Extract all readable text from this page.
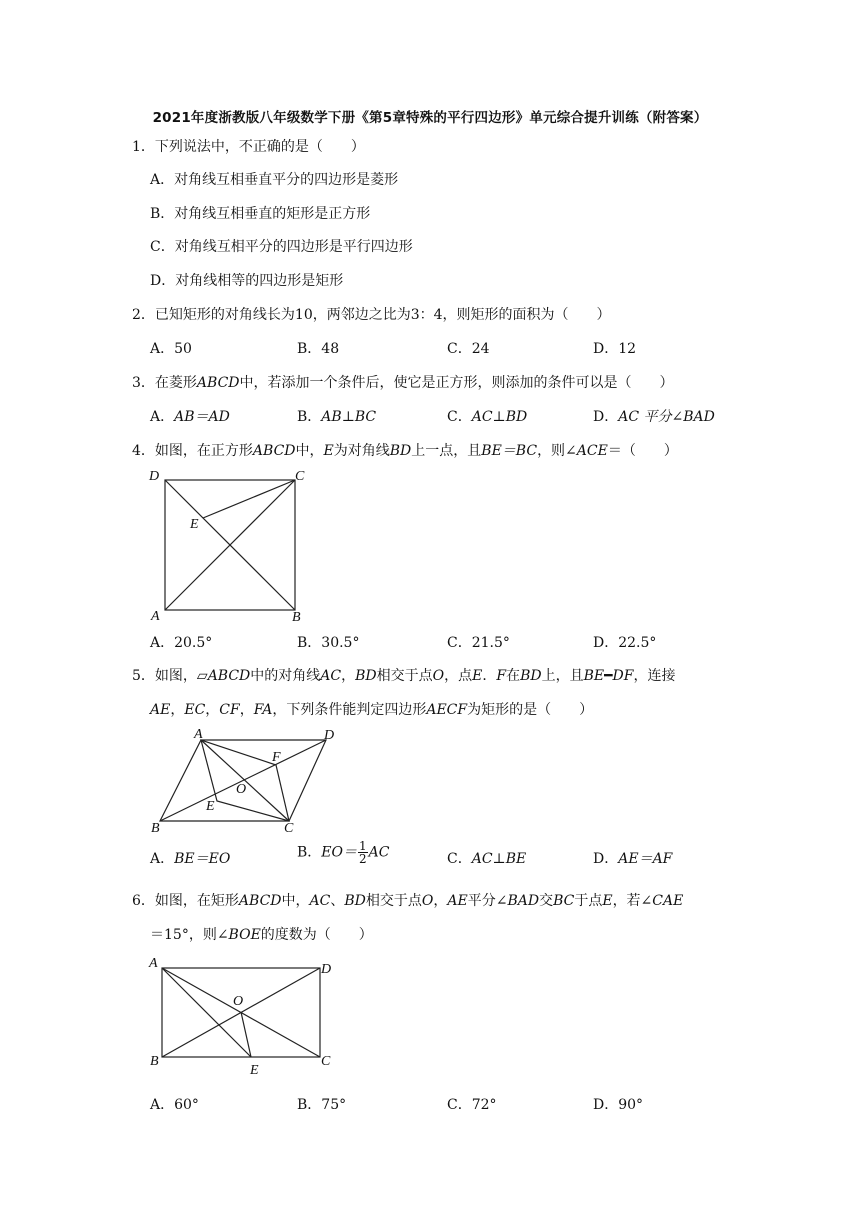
2021年度浙教版八年级数学下册《第5章特殊的平行四边形》单元综合提升训练（附答案）
1．下列说法中，不正确的是（　　）
A．对角线互相垂直平分的四边形是菱形
B．对角线互相垂直的矩形是正方形
C．对角线互相平分的四边形是平行四边形
D．对角线相等的四边形是矩形
2．已知矩形的对角线长为10，两邻边之比为3：4，则矩形的面积为（　　）
A．50	B．48	C．24	D．12
3．在菱形ABCD中，若添加一个条件后，使它是正方形，则添加的条件可以是（　　）
A．AB＝AD	B．AB⊥BC	C．AC⊥BD	D．AC 平分∠BAD
4．如图，在正方形ABCD中，E为对角线BD上一点，且BE＝BC，则∠ACE＝（　　）
D	C
E
A	B
A．20.5°	B．30.5°	C．21.5°	D．22.5°
5．如图，▱ABCD中的对角线AC，BD相交于点O，点E．F在BD上，且BE━DF，连接
AE，EC，CF，FA，下列条件能判定四边形AECF为矩形的是（　　）
A	D
F
O
E
B	C
A．BE＝EO	B．$EO= \frac{1}{2}$ AC	C．AC⊥BE	D．AE＝AF
6．如图，在矩形ABCD中，AC、BD相交于点O，AE平分∠BAD交BC于点E，若∠CAE
＝15°，则∠BOE的度数为（　　）
A	D
O
B	C
E
A．60°	B．75°	C．72°	D．90°
